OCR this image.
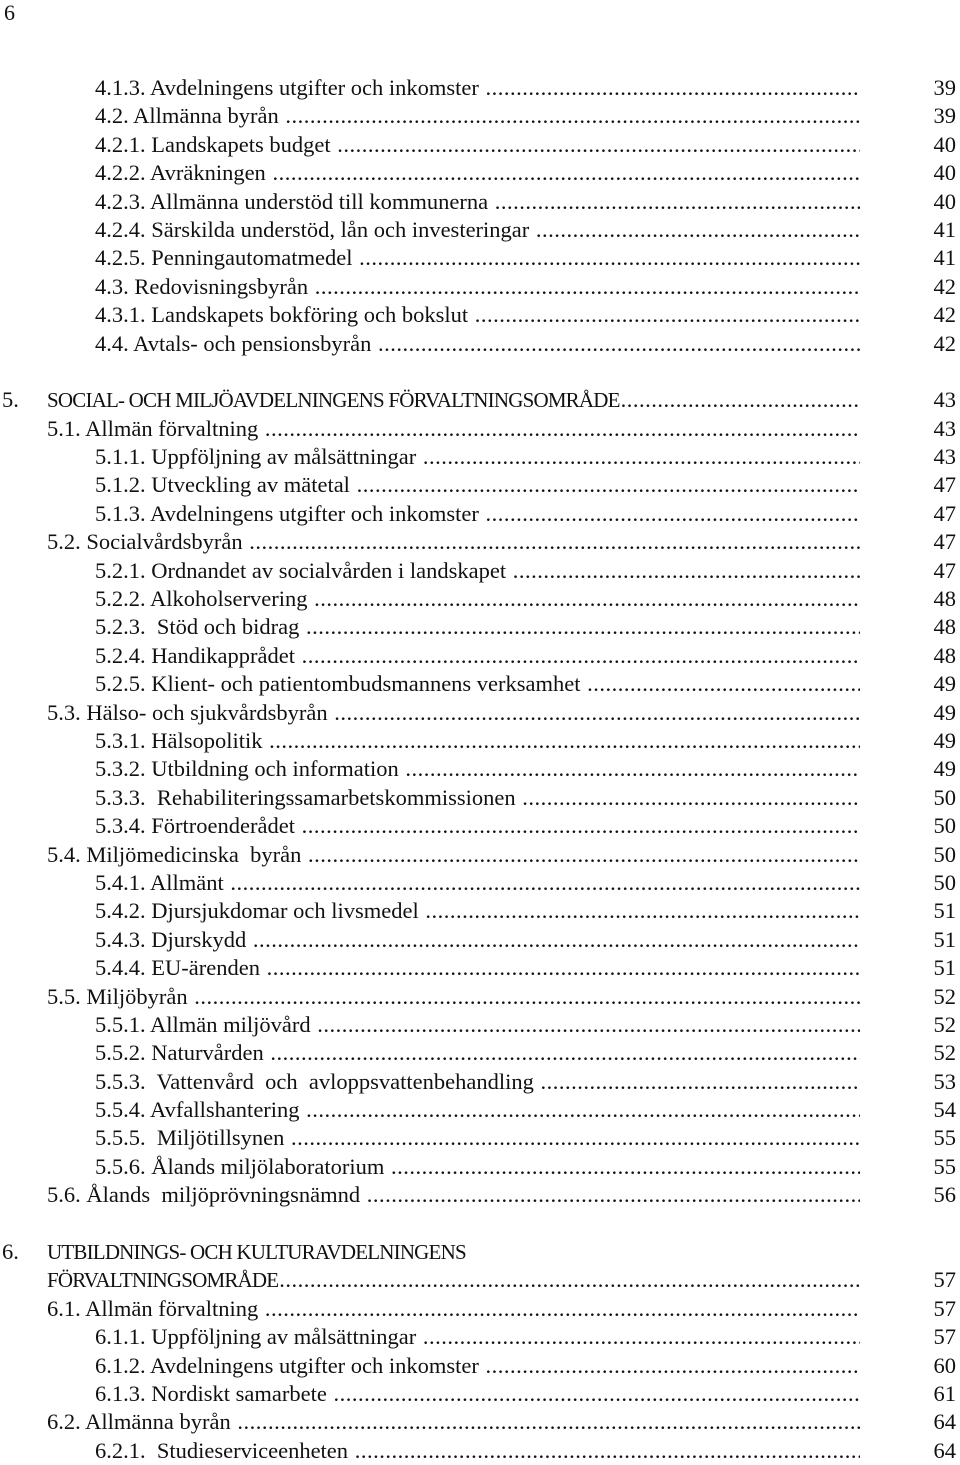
6
4.1.3. Avdelningens utgifter och inkomster .....	39
4.2. Allmänna byrån .....	39
4.2.1. Landskapets budget .....	40
4.2.2. Avräkningen .....	40
4.2.3. Allmänna understöd till kommunerna .....	40
4.2.4. Särskilda understöd, lån och investeringar .....	41
4.2.5. Penningautomatmedel .....	41
4.3. Redovisningsbyrån .....	42
4.3.1. Landskapets bokföring och bokslut .....	42
4.4. Avtals- och pensionsbyrån .....	42
5. SOCIAL- OCH MILJÖAVDELNINGENS FÖRVALTNINGSOMRÅDE .....	43
5.1. Allmän förvaltning .....	43
5.1.1. Uppföljning av målsättningar .....	43
5.1.2. Utveckling av mätetal .....	47
5.1.3. Avdelningens utgifter och inkomster .....	47
5.2. Socialvårdsbyrån .....	47
5.2.1. Ordnandet av socialvården i landskapet .....	47
5.2.2. Alkoholservering .....	48
5.2.3.  Stöd och bidrag .....	48
5.2.4. Handikapprådet .....	48
5.2.5. Klient- och patientombudsmannens verksamhet .....	49
5.3. Hälso- och sjukvårdsbyrån .....	49
5.3.1. Hälsopolitik .....	49
5.3.2. Utbildning och information .....	49
5.3.3.  Rehabiliteringssamarbetskommissionen .....	50
5.3.4. Förtroenderådet .....	50
5.4. Miljömedicinska  byrån .....	50
5.4.1. Allmänt .....	50
5.4.2. Djursjukdomar och livsmedel .....	51
5.4.3. Djurskydd .....	51
5.4.4. EU-ärenden .....	51
5.5. Miljöbyrån .....	52
5.5.1. Allmän miljövård .....	52
5.5.2. Naturvården .....	52
5.5.3.  Vattenvård  och  avloppsvattenbehandling .....	53
5.5.4. Avfallshantering .....	54
5.5.5.  Miljötillsynen .....	55
5.5.6. Ålands miljölaboratorium .....	55
5.6. Ålands  miljöprövningsnämnd .....	56
6. UTBILDNINGS- OCH KULTURAVDELNINGENS
FÖRVALTNINGSOMRÅDE .....	57
6.1. Allmän förvaltning .....	57
6.1.1. Uppföljning av målsättningar .....	57
6.1.2. Avdelningens utgifter och inkomster .....	60
6.1.3. Nordiskt samarbete .....	61
6.2. Allmänna byrån .....	64
6.2.1.  Studieserviceenheten .....	64
